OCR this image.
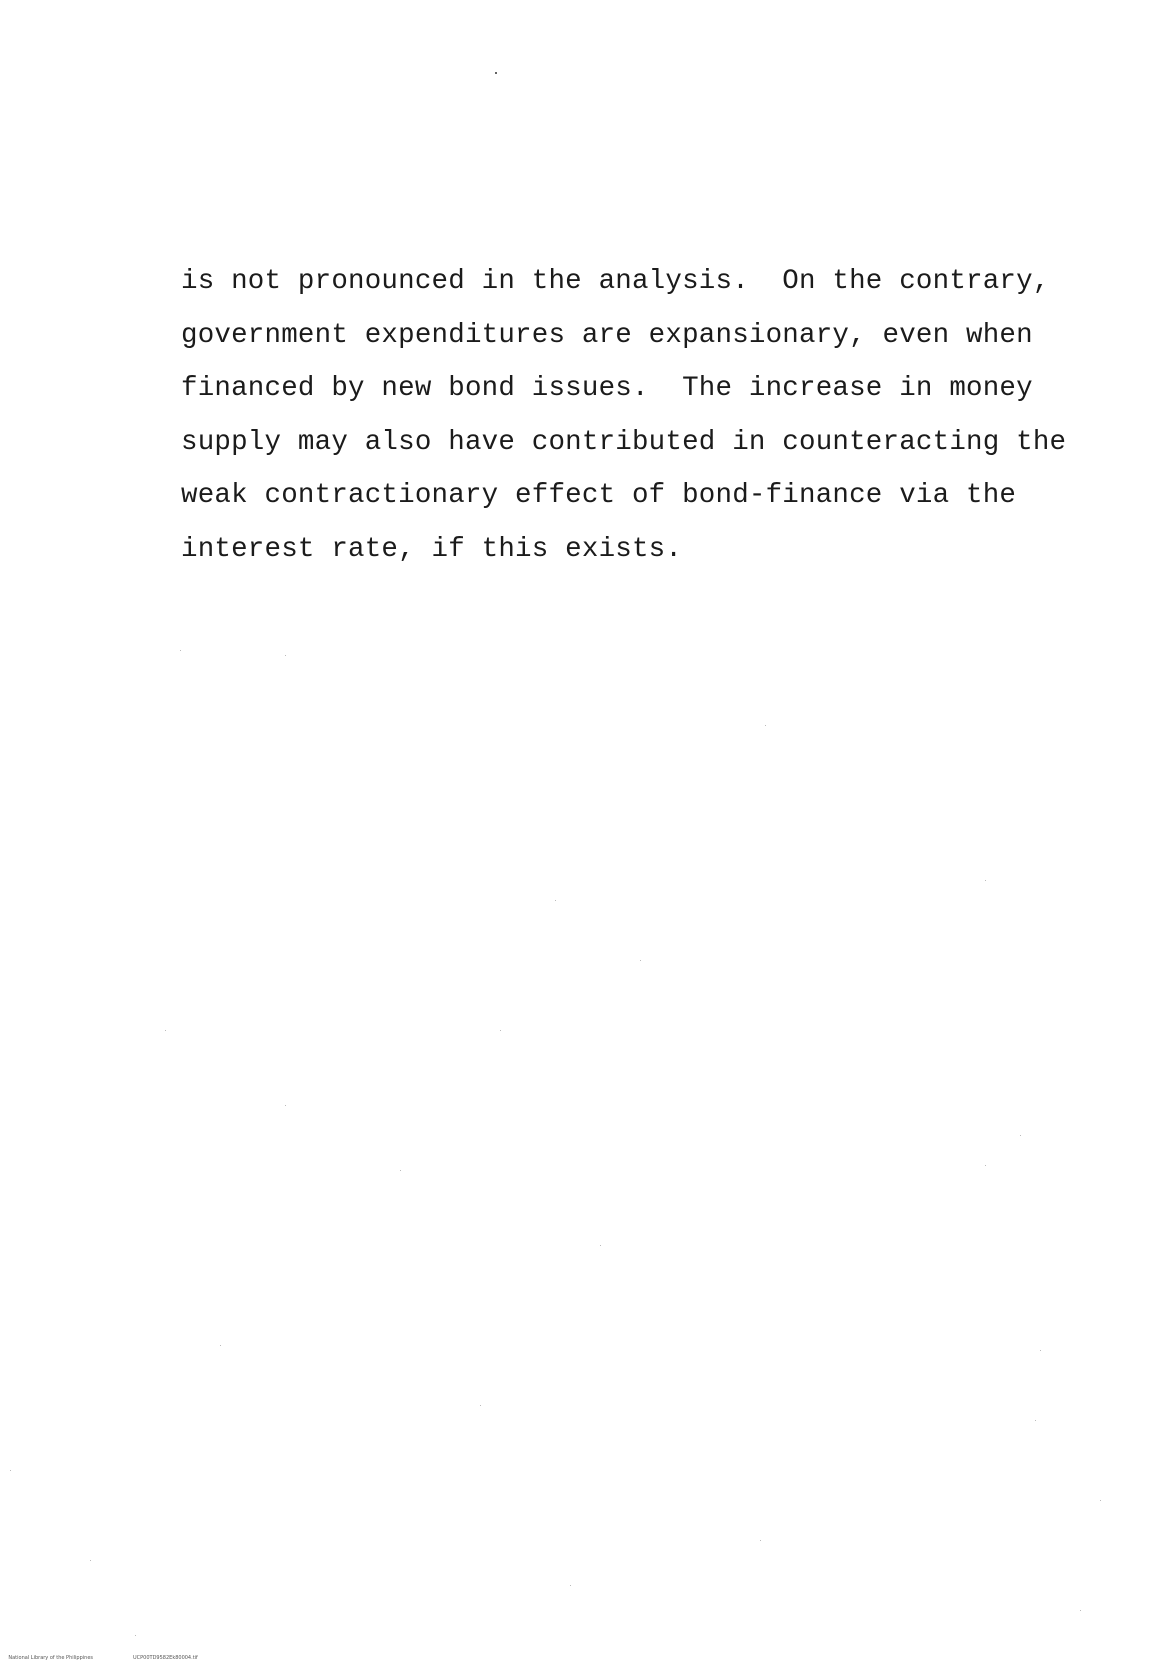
is not pronounced in the analysis.  On the contrary,
government expenditures are expansionary, even when
financed by new bond issues.  The increase in money
supply may also have contributed in counteracting the
weak contractionary effect of bond-finance via the
interest rate, if this exists.

National Library of the Philippines	UCP00TD9582Ek80004.tif
